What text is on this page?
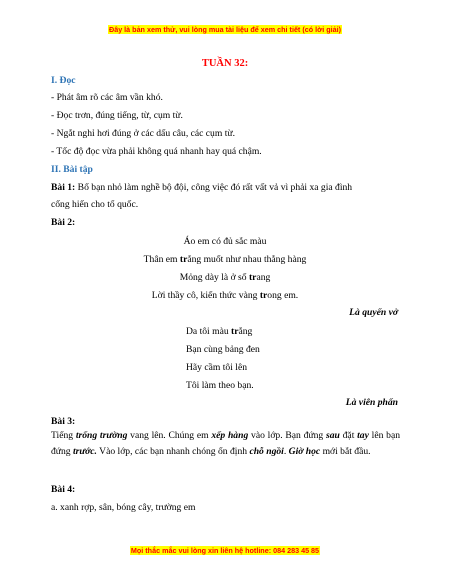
Đây là bản xem thử, vui lòng mua tài liệu để xem chi tiết (có lời giải)
TUẦN 32:
I. Đọc
- Phát âm rõ các âm vần khó.
- Đọc trơn, đúng tiếng, từ, cụm từ.
- Ngắt nghỉ hơi đúng ở các dấu câu, các cụm từ.
- Tốc độ đọc vừa phải không quá nhanh hay quá chậm.
II. Bài tập
Bài 1: Bố bạn nhỏ làm nghề bộ đội, công việc đó rất vất vả vì phải xa gia đình
cống hiến cho tổ quốc.
Bài 2:
Áo em có đủ sắc màu
Thân em trắng muốt như nhau thẳng hàng
Mỏng dày là ở số trang
Lời thầy cô, kiến thức vàng trong em.
Là quyển vở
Da tôi màu trắng
Bạn cùng bảng đen
Hãy cầm tôi lên
Tôi làm theo bạn.
Là viên phấn
Bài 3:
Tiếng trống trường vang lên. Chúng em xếp hàng vào lớp. Bạn đứng sau đặt tay lên bạn đứng trước. Vào lớp, các bạn nhanh chóng ổn định chỗ ngồi. Giờ học mới bắt đầu.
Bài 4:
a. xanh rợp, sân, bóng cây, trường em
Mọi thắc mắc vui lòng xin liên hệ hotline: 084 283 45 85
